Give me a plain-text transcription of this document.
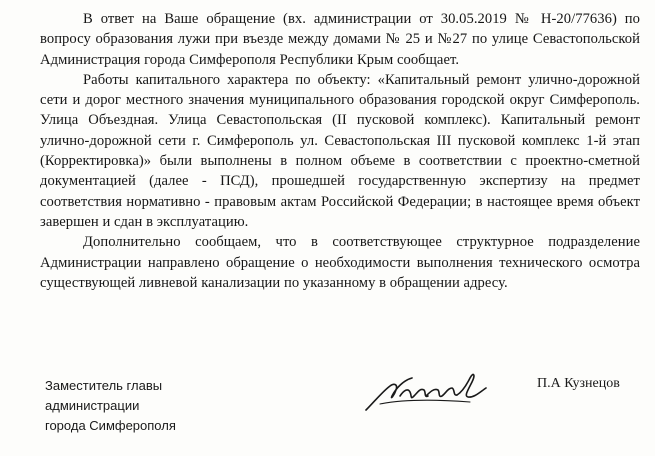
В ответ на Ваше обращение (вх. администрации от 30.05.2019 № Н-20/77636) по вопросу образования лужи при въезде между домами № 25 и №27 по улице Севастопольской Администрация города Симферополя Республики Крым сообщает.

Работы капитального характера по объекту: «Капитальный ремонт улично-дорожной сети и дорог местного значения муниципального образования городской округ Симферополь. Улица Объездная. Улица Севастопольская (II пусковой комплекс). Капитальный ремонт улично-дорожной сети г. Симферополь ул. Севастопольская III пусковой комплекс 1-й этап (Корректировка)» были выполнены в полном объеме в соответствии с проектно-сметной документацией (далее - ПСД), прошедшей государственную экспертизу на предмет соответствия нормативно - правовым актам Российской Федерации; в настоящее время объект завершен и сдан в эксплуатацию.

Дополнительно сообщаем, что в соответствующее структурное подразделение Администрации направлено обращение о необходимости выполнения технического осмотра существующей ливневой канализации по указанному в обращении адресу.

Заместитель главы
администрации
города Симферополя
П.А Кузнецов
